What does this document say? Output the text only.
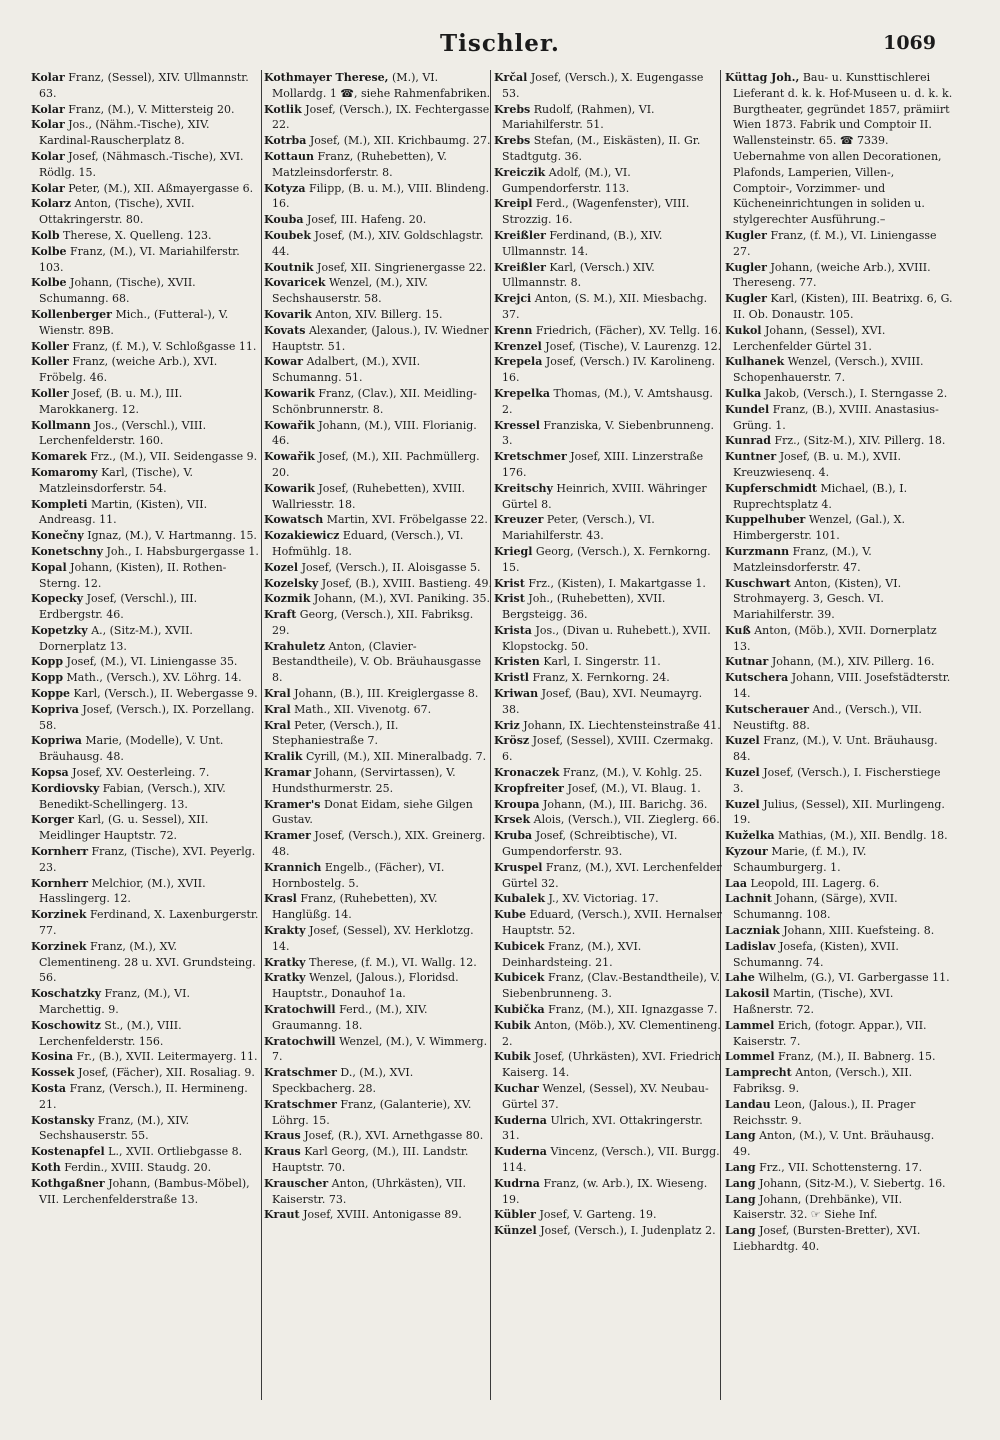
Tischler.	1069

Kolar Franz, (Sessel), XIV. Ullmannstr. 63.

Kolar Franz, (M.), V. Mittersteig 20.

Kolar Jos., (Nähm.-Tische), XIV. Kardinal-Rauscherplatz 8.

Kolar Josef, (Nähmasch.-Tische), XVI. Rödlg. 15.

Kolar Peter, (M.), XII. Aßmayergasse 6.

Kolarz Anton, (Tische), XVII. Ottakringerstr. 80.

Kolb Therese, X. Quelleng. 123.

Kolbe Franz, (M.), VI. Mariahilferstr. 103.

Kolbe Johann, (Tische), XVII. Schumanng. 68.

Kollenberger Mich., (Futteral-), V. Wienstr. 89B.

Koller Franz, (f. M.), V. Schloßgasse 11.

Koller Franz, (weiche Arb.), XVI. Fröbelg. 46.

Koller Josef, (B. u. M.), III. Marokkanerg. 12.

Kollmann Jos., (Verschl.), VIII. Lerchenfelderstr. 160.

Komarek Frz., (M.), VII. Seidengasse 9.

Komaromy Karl, (Tische), V. Matzleinsdorferstr. 54.

Kompleti Martin, (Kisten), VII. Andreasg. 11.

Konečny Ignaz, (M.), V. Hartmanng. 15.

Konetschny Joh., I. Habsburgergasse 1.

Kopal Johann, (Kisten), II. Rothen-Sterng. 12.

Kopecky Josef, (Verschl.), III. Erdbergstr. 46.

Kopetzky A., (Sitz-M.), XVII. Dornerplatz 13.

Kopp Josef, (M.), VI. Liniengasse 35.

Kopp Math., (Versch.), XV. Löhrg. 14.

Koppe Karl, (Versch.), II. Webergasse 9.

Kopriva Josef, (Versch.), IX. Porzellang. 58.

Kopriwa Marie, (Modelle), V. Unt. Bräuhausg. 48.

Kopsa Josef, XV. Oesterleing. 7.

Kordiovsky Fabian, (Versch.), XIV. Benedikt-Schellingerg. 13.

Korger Karl, (G. u. Sessel), XII. Meidlinger Hauptstr. 72.

Kornherr Franz, (Tische), XVI. Peyerlg. 23.

Kornherr Melchior, (M.), XVII. Hasslingerg. 12.

Korzinek Ferdinand, X. Laxenburgerstr. 77.

Korzinek Franz, (M.), XV. Clementineng. 28 u. XVI. Grundsteing. 56.

Koschatzky Franz, (M.), VI. Marchettig. 9.

Koschowitz St., (M.), VIII. Lerchenfelderstr. 156.

Kosina Fr., (B.), XVII. Leitermayerg. 11.

Kossek Josef, (Fächer), XII. Rosaliag. 9.

Kosta Franz, (Versch.), II. Hermineng. 21.

Kostansky Franz, (M.), XIV. Sechshauserstr. 55.

Kostenapfel L., XVII. Ortliebgasse 8.

Koth Ferdin., XVIII. Staudg. 20.

Kothgaßner Johann, (Bambus-Möbel), VII. Lerchenfelderstraße 13.

Kothmayer Therese, (M.), VI. Mollardg. 1 ☎, siehe Rahmenfabriken.

Kotlik Josef, (Versch.), IX. Fechtergasse 22.

Kotrba Josef, (M.), XII. Krichbaumg. 27.

Kottaun Franz, (Ruhebetten), V. Matzleinsdorferstr. 8.

Kotyza Filipp, (B. u. M.), VIII. Blindeng. 16.

Kouba Josef, III. Hafeng. 20.

Koubek Josef, (M.), XIV. Goldschlagstr. 44.

Koutnik Josef, XII. Singrienergasse 22.

Kovaricek Wenzel, (M.), XIV. Sechshauserstr. 58.

Kovarik Anton, XIV. Billerg. 15.

Kovats Alexander, (Jalous.), IV. Wiedner Hauptstr. 51.

Kowar Adalbert, (M.), XVII. Schumanng. 51.

Kowarik Franz, (Clav.), XII. Meidling-Schönbrunnerstr. 8.

Kowařik Johann, (M.), VIII. Florianig. 46.

Kowařik Josef, (M.), XII. Pachmüllerg. 20.

Kowarik Josef, (Ruhebetten), XVIII. Wallriesstr. 18.

Kowatsch Martin, XVI. Fröbelgasse 22.

Kozakiewicz Eduard, (Versch.), VI. Hofmühlg. 18.

Kozel Josef, (Versch.), II. Aloisgasse 5.

Kozelsky Josef, (B.), XVIII. Bastieng. 49.

Kozmik Johann, (M.), XVI. Paniking. 35.

Kraft Georg, (Versch.), XII. Fabriksg. 29.

Krahuletz Anton, (Clavier-Bestandtheile), V. Ob. Bräuhausgasse 8.

Kral Johann, (B.), III. Kreiglergasse 8.

Kral Math., XII. Vivenotg. 67.

Kral Peter, (Versch.), II. Stephaniestraße 7.

Kralik Cyrill, (M.), XII. Mineralbadg. 7.

Kramar Johann, (Servirtassen), V. Hundsthurmerstr. 25.

Kramer's Donat Eidam, siehe Gilgen Gustav.

Kramer Josef, (Versch.), XIX. Greinerg. 48.

Krannich Engelb., (Fächer), VI. Hornbostelg. 5.

Krasl Franz, (Ruhebetten), XV. Hanglüßg. 14.

Krakty Josef, (Sessel), XV. Herklotzg. 14.

Kratky Therese, (f. M.), VI. Wallg. 12.

Kratky Wenzel, (Jalous.), Floridsd. Hauptstr., Donauhof 1a.

Kratochwill Ferd., (M.), XIV. Graumanng. 18.

Kratochwill Wenzel, (M.), V. Wimmerg. 7.

Kratschmer D., (M.), XVI. Speckbacherg. 28.

Kratschmer Franz, (Galanterie), XV. Löhrg. 15.

Kraus Josef, (R.), XVI. Arnethgasse 80.

Kraus Karl Georg, (M.), III. Landstr. Hauptstr. 70.

Krauscher Anton, (Uhrkästen), VII. Kaiserstr. 73.

Kraut Josef, XVIII. Antonigasse 89.

Krčal Josef, (Versch.), X. Eugengasse 53.

Krebs Rudolf, (Rahmen), VI. Mariahilferstr. 51.

Krebs Stefan, (M., Eiskästen), II. Gr. Stadtgutg. 36.

Kreiczik Adolf, (M.), VI. Gumpendorferstr. 113.

Kreipl Ferd., (Wagenfenster), VIII. Strozzig. 16.

Kreißler Ferdinand, (B.), XIV. Ullmannstr. 14.

Kreißler Karl, (Versch.) XIV. Ullmannstr. 8.

Krejci Anton, (S. M.), XII. Miesbachg. 37.

Krenn Friedrich, (Fächer), XV. Tellg. 16.

Krenzel Josef, (Tische), V. Laurenzg. 12.

Krepela Josef, (Versch.) IV. Karolineng. 16.

Krepelka Thomas, (M.), V. Amtshausg. 2.

Kressel Franziska, V. Siebenbrunneng. 3.

Kretschmer Josef, XIII. Linzerstraße 176.

Kreitschy Heinrich, XVIII. Währinger Gürtel 8.

Kreuzer Peter, (Versch.), VI. Mariahilferstr. 43.

Kriegl Georg, (Versch.), X. Fernkorng. 15.

Krist Frz., (Kisten), I. Makartgasse 1.

Krist Joh., (Ruhebetten), XVII. Bergsteigg. 36.

Krista Jos., (Divan u. Ruhebett.), XVII. Klopstockg. 50.

Kristen Karl, I. Singerstr. 11.

Kristl Franz, X. Fernkorng. 24.

Kriwan Josef, (Bau), XVI. Neumayrg. 38.

Kriz Johann, IX. Liechtensteinstraße 41.

Krösz Josef, (Sessel), XVIII. Czermakg. 6.

Kronaczek Franz, (M.), V. Kohlg. 25.

Kropfreiter Josef, (M.), VI. Blaug. 1.

Kroupa Johann, (M.), III. Barichg. 36.

Krsek Alois, (Versch.), VII. Zieglerg. 66.

Kruba Josef, (Schreibtische), VI. Gumpendorferstr. 93.

Kruspel Franz, (M.), XVI. Lerchenfelder Gürtel 32.

Kubalek J., XV. Victoriag. 17.

Kube Eduard, (Versch.), XVII. Hernalser Hauptstr. 52.

Kubicek Franz, (M.), XVI. Deinhardsteing. 21.

Kubicek Franz, (Clav.-Bestandtheile), V. Siebenbrunneng. 3.

Kubička Franz, (M.), XII. Ignazgasse 7.

Kubik Anton, (Möb.), XV. Clementineng. 2.

Kubik Josef, (Uhrkästen), XVI. Friedrich Kaiserg. 14.

Kuchar Wenzel, (Sessel), XV. Neubau-Gürtel 37.

Kuderna Ulrich, XVI. Ottakringerstr. 31.

Kuderna Vincenz, (Versch.), VII. Burgg. 114.

Kudrna Franz, (w. Arb.), IX. Wieseng. 19.

Kübler Josef, V. Garteng. 19.

Künzel Josef, (Versch.), I. Judenplatz 2.

Küttag Joh., Bau- u. Kunsttischlerei Lieferant d. k. k. Hof-Museen u. d. k. k. Burgtheater, gegründet 1857, prämiirt Wien 1873. Fabrik und Comptoir II. Wallensteinstr. 65. ☎ 7339. Uebernahme von allen Decorationen, Plafonds, Lamperien, Villen-, Comptoir-, Vorzimmer- und Kücheneinrichtungen in soliden u. stylgerechter Ausführung.–

Kugler Franz, (f. M.), VI. Liniengasse 27.

Kugler Johann, (weiche Arb.), XVIII. Thereseng. 77.

Kugler Karl, (Kisten), III. Beatrixg. 6, G. II. Ob. Donaustr. 105.

Kukol Johann, (Sessel), XVI. Lerchenfelder Gürtel 31.

Kulhanek Wenzel, (Versch.), XVIII. Schopenhauerstr. 7.

Kulka Jakob, (Versch.), I. Sterngasse 2.

Kundel Franz, (B.), XVIII. Anastasius-Grüng. 1.

Kunrad Frz., (Sitz-M.), XIV. Pillerg. 18.

Kuntner Josef, (B. u. M.), XVII. Kreuzwiesenq. 4.

Kupferschmidt Michael, (B.), I. Ruprechtsplatz 4.

Kuppelhuber Wenzel, (Gal.), X. Himbergerstr. 101.

Kurzmann Franz, (M.), V. Matzleinsdorferstr. 47.

Kuschwart Anton, (Kisten), VI. Strohmayerg. 3, Gesch. VI. Mariahilferstr. 39.

Kuß Anton, (Möb.), XVII. Dornerplatz 13.

Kutnar Johann, (M.), XIV. Pillerg. 16.

Kutschera Johann, VIII. Josefstädterstr. 14.

Kutscherauer And., (Versch.), VII. Neustiftg. 88.

Kuzel Franz, (M.), V. Unt. Bräuhausg. 84.

Kuzel Josef, (Versch.), I. Fischerstiege 3.

Kuzel Julius, (Sessel), XII. Murlingeng. 19.

Kuželka Mathias, (M.), XII. Bendlg. 18.

Kyzour Marie, (f. M.), IV. Schaumburgerg. 1.

Laa Leopold, III. Lagerg. 6.

Lachnit Johann, (Särge), XVII. Schumanng. 108.

Laczniak Johann, XIII. Kuefsteing. 8.

Ladislav Josefa, (Kisten), XVII. Schumanng. 74.

Lahe Wilhelm, (G.), VI. Garbergasse 11.

Lakosil Martin, (Tische), XVI. Haßnerstr. 72.

Lammel Erich, (fotogr. Appar.), VII. Kaiserstr. 7.

Lommel Franz, (M.), II. Babnerg. 15.

Lamprecht Anton, (Versch.), XII. Fabriksg. 9.

Landau Leon, (Jalous.), II. Prager Reichsstr. 9.

Lang Anton, (M.), V. Unt. Bräuhausg. 49.

Lang Frz., VII. Schottensterng. 17.

Lang Johann, (Sitz-M.), V. Siebertg. 16.

Lang Johann, (Drehbänke), VII. Kaiserstr. 32. ☞ Siehe Inf.

Lang Josef, (Bursten-Bretter), XVI. Liebhardtg. 40.
